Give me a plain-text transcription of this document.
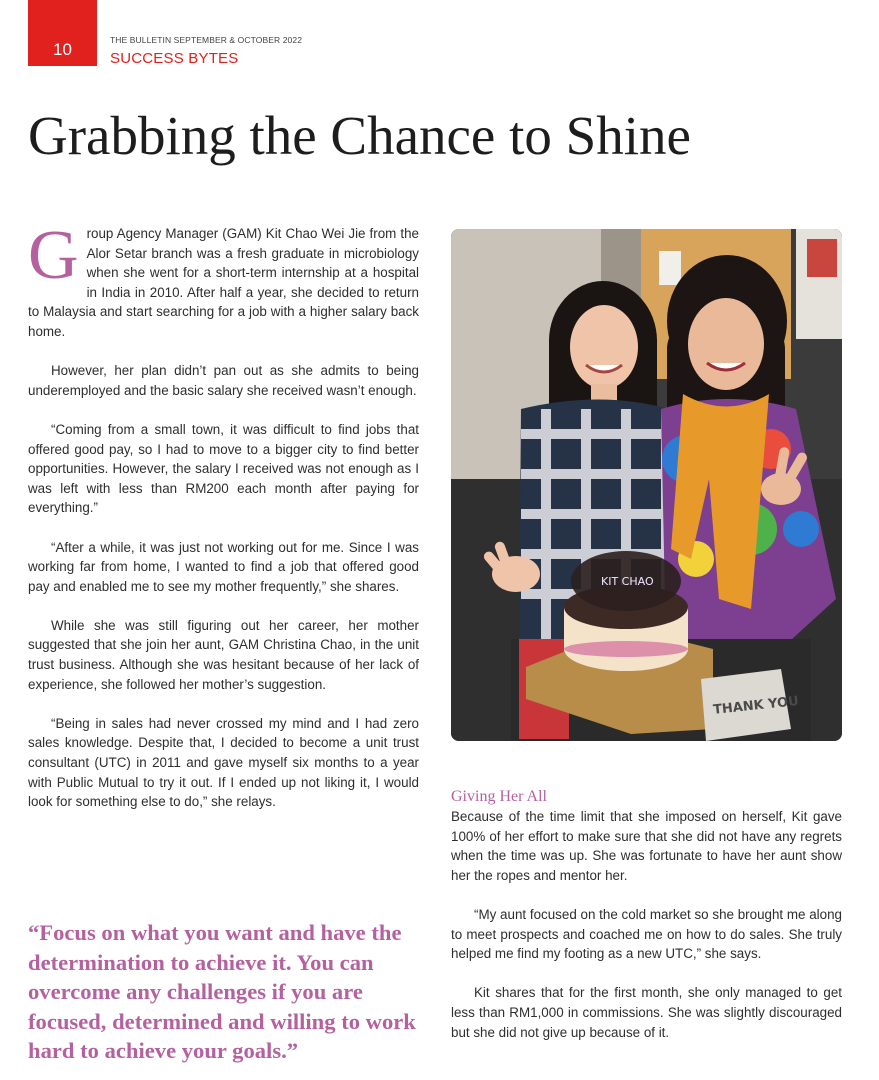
10	THE BULLETIN SEPTEMBER & OCTOBER 2022
SUCCESS BYTES
Grabbing the Chance to Shine

Group Agency Manager (GAM) Kit Chao Wei Jie from the Alor Setar branch was a fresh graduate in microbiology when she went for a short-term internship at a hospital in India in 2010. After half a year, she decided to return to Malaysia and start searching for a job with a higher salary back home.

However, her plan didn’t pan out as she admits to being underemployed and the basic salary she received wasn’t enough.

“Coming from a small town, it was difficult to find jobs that offered good pay, so I had to move to a bigger city to find better opportunities. However, the salary I received was not enough as I was left with less than RM200 each month after paying for everything.”

“After a while, it was just not working out for me. Since I was working far from home, I wanted to find a job that offered good pay and enabled me to see my mother frequently,” she shares.

While she was still figuring out her career, her mother suggested that she join her aunt, GAM Christina Chao, in the unit trust business. Although she was hesitant because of her lack of experience, she followed her mother’s suggestion.

“Being in sales had never crossed my mind and I had zero sales knowledge. Despite that, I decided to become a unit trust consultant (UTC) in 2011 and gave myself six months to a year with Public Mutual to try it out. If I ended up not liking it, I would look for something else to do,” she relays.

“Focus on what you want and have the determination to achieve it. You can overcome any challenges if you are focused, determined and willing to work hard to achieve your goals.”

KIT CHAO
THANK YOU
Giving Her All

Because of the time limit that she imposed on herself, Kit gave 100% of her effort to make sure that she did not have any regrets when the time was up. She was fortunate to have her aunt show her the ropes and mentor her.

“My aunt focused on the cold market so she brought me along to meet prospects and coached me on how to do sales. She truly helped me find my footing as a new UTC,” she says.

Kit shares that for the first month, she only managed to get less than RM1,000 in commissions. She was slightly discouraged but she did not give up because of it.
